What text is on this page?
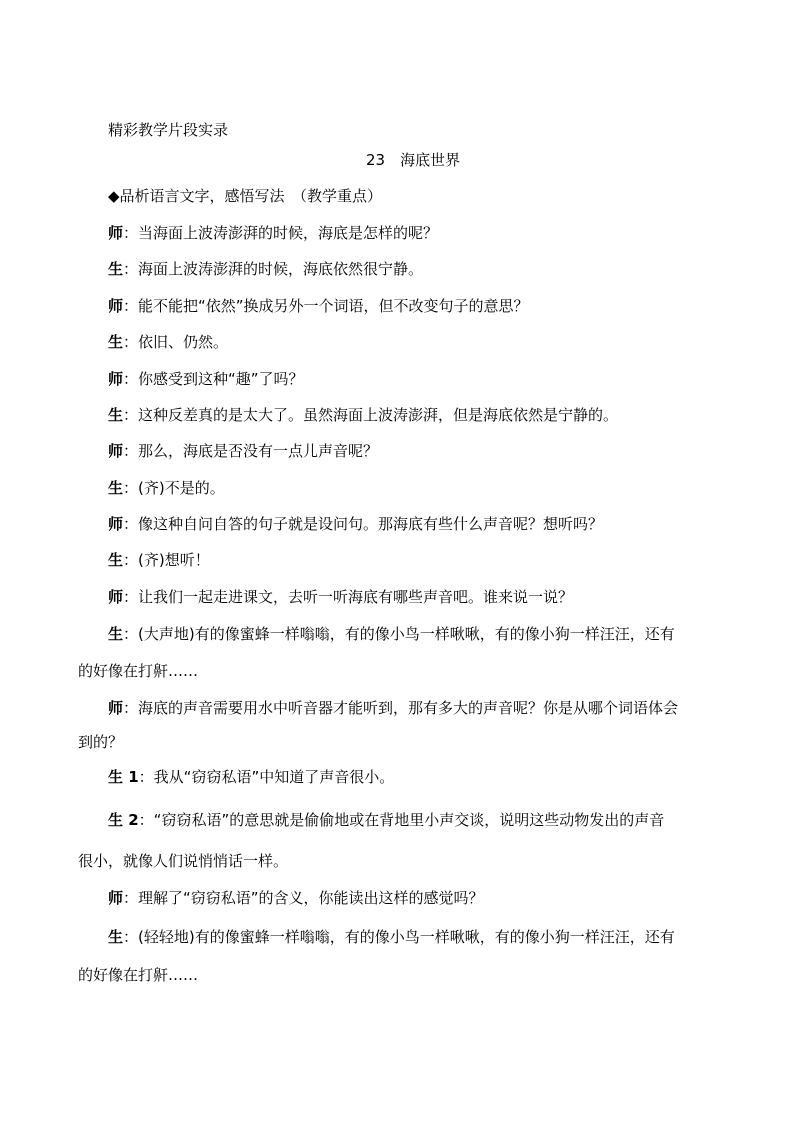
精彩教学片段实录
23　海底世界
◆品析语言文字，感悟写法　（教学重点）
师：当海面上波涛澎湃的时候，海底是怎样的呢？
生：海面上波涛澎湃的时候，海底依然很宁静。
师：能不能把“依然”换成另外一个词语，但不改变句子的意思？
生：依旧、仍然。
师：你感受到这种“趣”了吗？
生：这种反差真的是太大了。虽然海面上波涛澎湃，但是海底依然是宁静的。
师：那么，海底是否没有一点儿声音呢？
生：(齐)不是的。
师：像这种自问自答的句子就是设问句。那海底有些什么声音呢？想听吗？
生：(齐)想听！
师：让我们一起走进课文，去听一听海底有哪些声音吧。谁来说一说？
生：(大声地)有的像蜜蜂一样嗡嗡，有的像小鸟一样啾啾，有的像小狗一样汪汪，还有
的好像在打鼾……
师：海底的声音需要用水中听音器才能听到，那有多大的声音呢？你是从哪个词语体会
到的？
生 1：我从“窃窃私语”中知道了声音很小。
生 2：“窃窃私语”的意思就是偷偷地或在背地里小声交谈，说明这些动物发出的声音
很小，就像人们说悄悄话一样。
师：理解了“窃窃私语”的含义，你能读出这样的感觉吗？
生：(轻轻地)有的像蜜蜂一样嗡嗡，有的像小鸟一样啾啾，有的像小狗一样汪汪，还有
的好像在打鼾……
